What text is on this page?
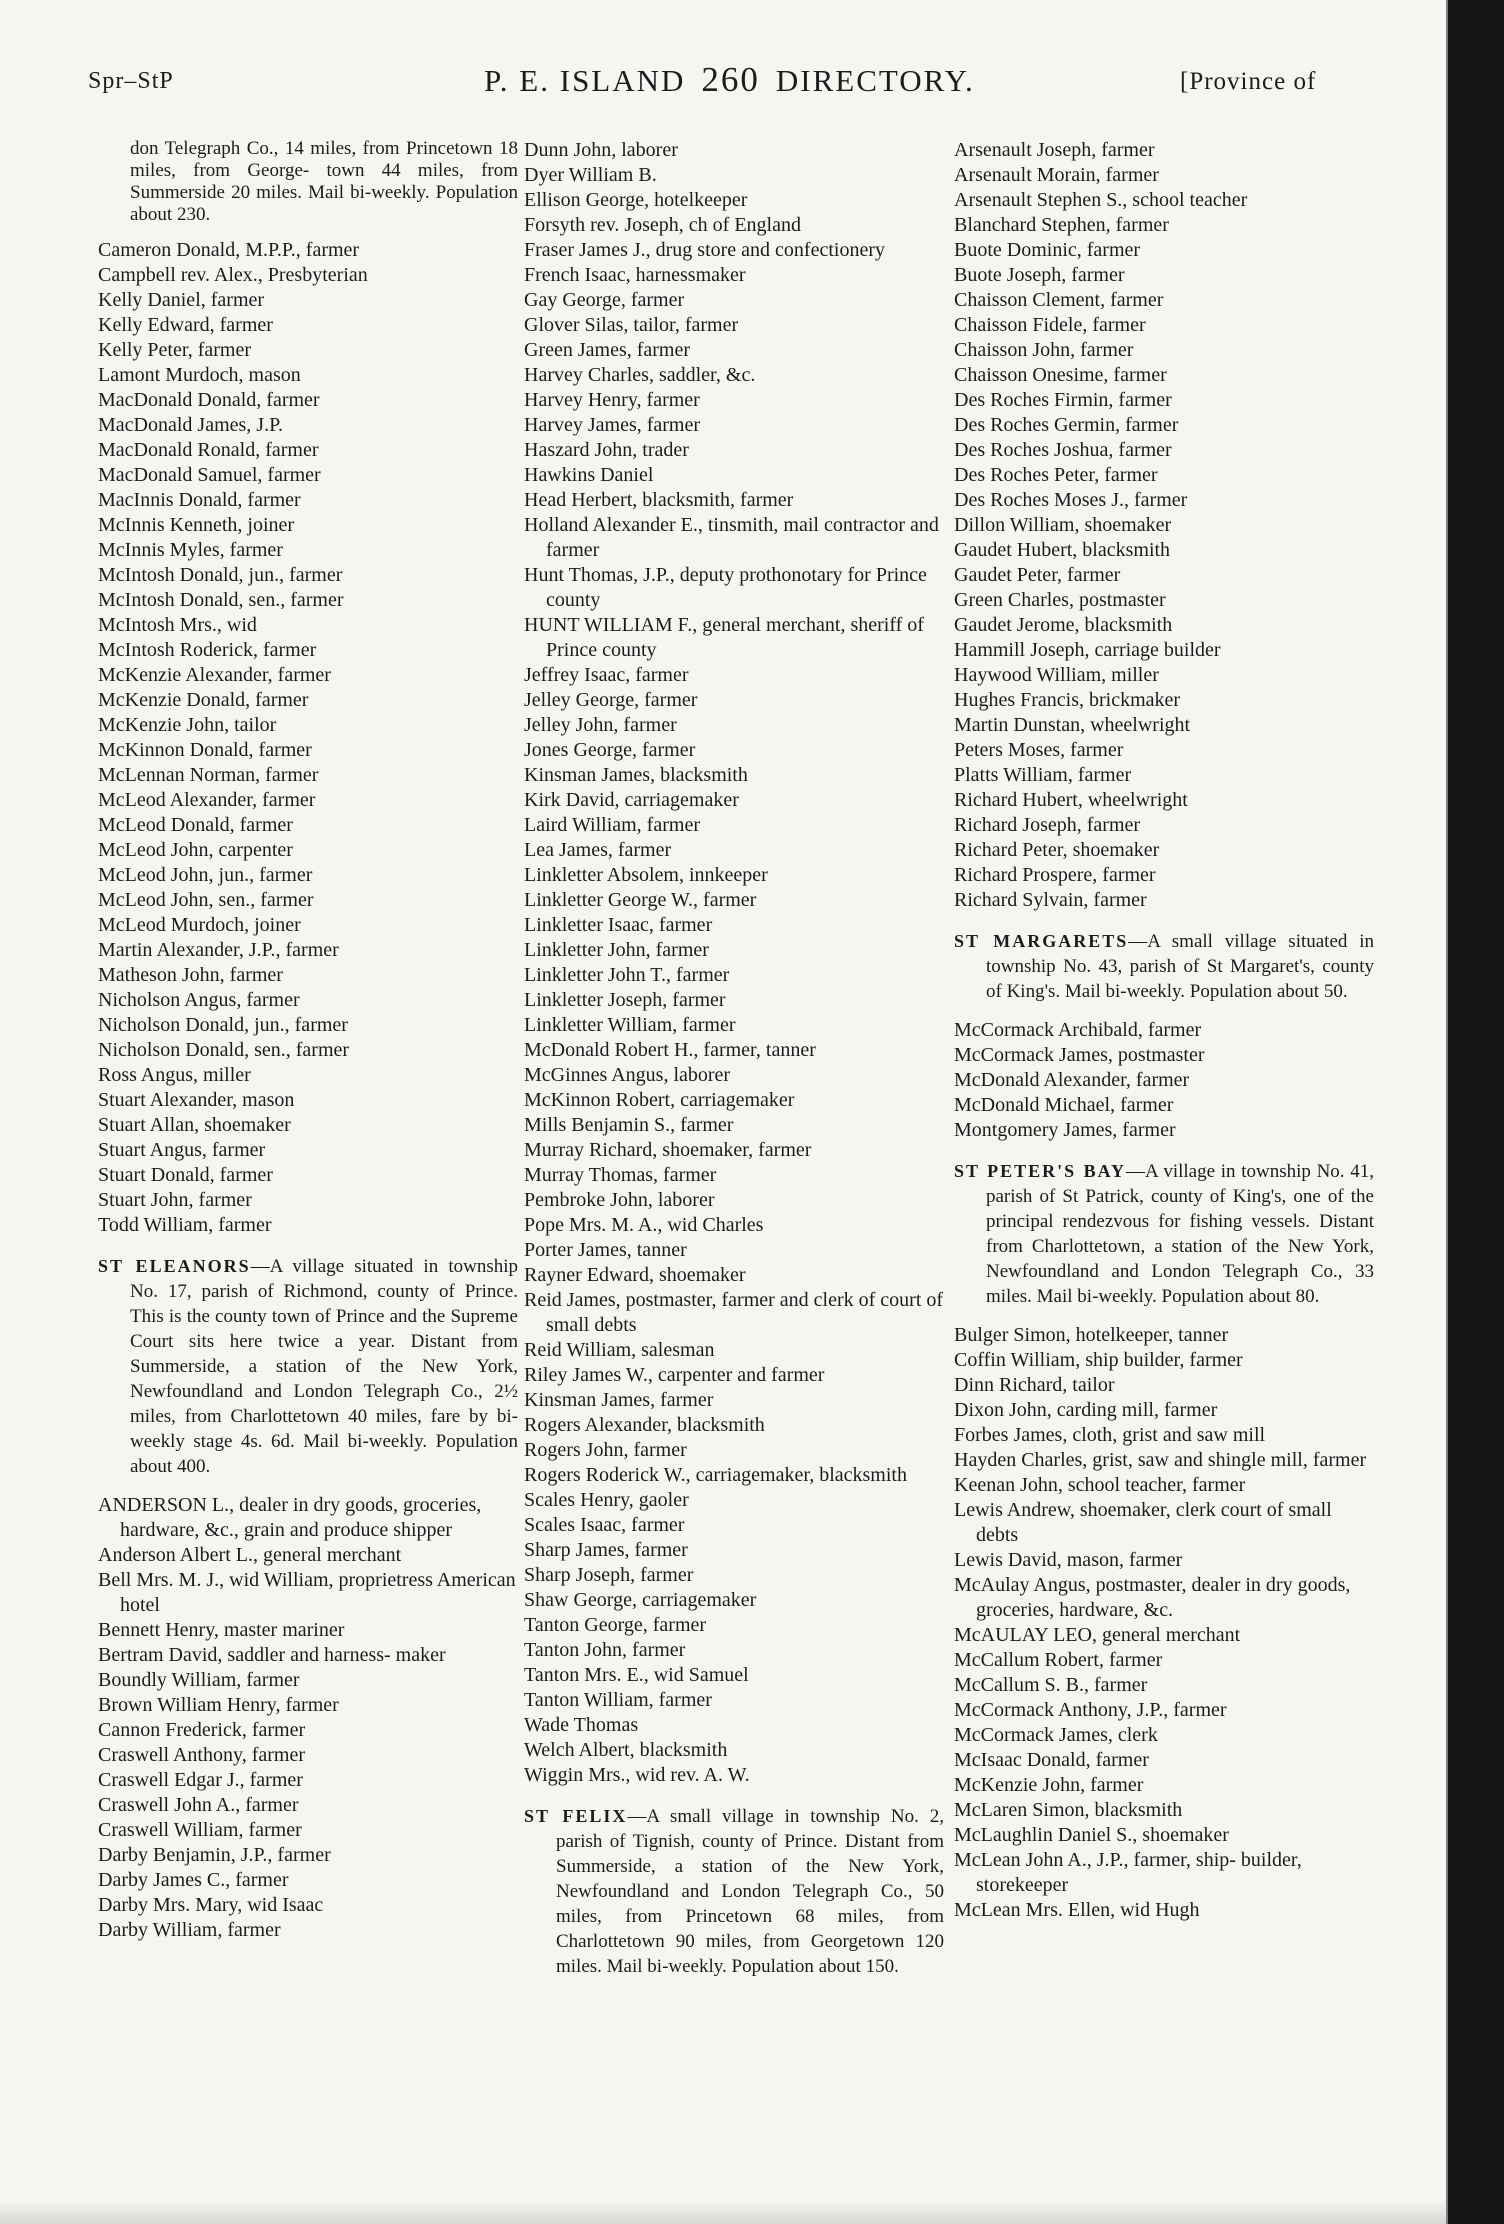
Spr–StP	P. E. ISLAND 260 DIRECTORY.	[Province of

don Telegraph Co., 14 miles, from Princetown 18 miles, from George- town 44 miles, from Summerside 20 miles. Mail bi-weekly. Population about 230.

Cameron Donald, M.P.P., farmer

Campbell rev. Alex., Presbyterian

Kelly Daniel, farmer

Kelly Edward, farmer

Kelly Peter, farmer

Lamont Murdoch, mason

MacDonald Donald, farmer

MacDonald James, J.P.

MacDonald Ronald, farmer

MacDonald Samuel, farmer

MacInnis Donald, farmer

McInnis Kenneth, joiner

McInnis Myles, farmer

McIntosh Donald, jun., farmer

McIntosh Donald, sen., farmer

McIntosh Mrs., wid

McIntosh Roderick, farmer

McKenzie Alexander, farmer

McKenzie Donald, farmer

McKenzie John, tailor

McKinnon Donald, farmer

McLennan Norman, farmer

McLeod Alexander, farmer

McLeod Donald, farmer

McLeod John, carpenter

McLeod John, jun., farmer

McLeod John, sen., farmer

McLeod Murdoch, joiner

Martin Alexander, J.P., farmer

Matheson John, farmer

Nicholson Angus, farmer

Nicholson Donald, jun., farmer

Nicholson Donald, sen., farmer

Ross Angus, miller

Stuart Alexander, mason

Stuart Allan, shoemaker

Stuart Angus, farmer

Stuart Donald, farmer

Stuart John, farmer

Todd William, farmer

ST ELEANORS—A village situated in township No. 17, parish of Richmond, county of Prince. This is the county town of Prince and the Supreme Court sits here twice a year. Distant from Summerside, a station of the New York, Newfoundland and London Telegraph Co., 2½ miles, from Charlottetown 40 miles, fare by bi-weekly stage 4s. 6d. Mail bi-weekly. Population about 400.

ANDERSON L., dealer in dry goods, groceries, hardware, &c., grain and produce shipper

Anderson Albert L., general merchant

Bell Mrs. M. J., wid William, proprietress American hotel

Bennett Henry, master mariner

Bertram David, saddler and harness- maker

Boundly William, farmer

Brown William Henry, farmer

Cannon Frederick, farmer

Craswell Anthony, farmer

Craswell Edgar J., farmer

Craswell John A., farmer

Craswell William, farmer

Darby Benjamin, J.P., farmer

Darby James C., farmer

Darby Mrs. Mary, wid Isaac

Darby William, farmer

Dunn John, laborer

Dyer William B.

Ellison George, hotelkeeper

Forsyth rev. Joseph, ch of England

Fraser James J., drug store and confectionery

French Isaac, harnessmaker

Gay George, farmer

Glover Silas, tailor, farmer

Green James, farmer

Harvey Charles, saddler, &c.

Harvey Henry, farmer

Harvey James, farmer

Haszard John, trader

Hawkins Daniel

Head Herbert, blacksmith, farmer

Holland Alexander E., tinsmith, mail contractor and farmer

Hunt Thomas, J.P., deputy prothonotary for Prince county

HUNT WILLIAM F., general merchant, sheriff of Prince county

Jeffrey Isaac, farmer

Jelley George, farmer

Jelley John, farmer

Jones George, farmer

Kinsman James, blacksmith

Kirk David, carriagemaker

Laird William, farmer

Lea James, farmer

Linkletter Absolem, innkeeper

Linkletter George W., farmer

Linkletter Isaac, farmer

Linkletter John, farmer

Linkletter John T., farmer

Linkletter Joseph, farmer

Linkletter William, farmer

McDonald Robert H., farmer, tanner

McGinnes Angus, laborer

McKinnon Robert, carriagemaker

Mills Benjamin S., farmer

Murray Richard, shoemaker, farmer

Murray Thomas, farmer

Pembroke John, laborer

Pope Mrs. M. A., wid Charles

Porter James, tanner

Rayner Edward, shoemaker

Reid James, postmaster, farmer and clerk of court of small debts

Reid William, salesman

Riley James W., carpenter and farmer

Kinsman James, farmer

Rogers Alexander, blacksmith

Rogers John, farmer

Rogers Roderick W., carriagemaker, blacksmith

Scales Henry, gaoler

Scales Isaac, farmer

Sharp James, farmer

Sharp Joseph, farmer

Shaw George, carriagemaker

Tanton George, farmer

Tanton John, farmer

Tanton Mrs. E., wid Samuel

Tanton William, farmer

Wade Thomas

Welch Albert, blacksmith

Wiggin Mrs., wid rev. A. W.

ST FELIX—A small village in township No. 2, parish of Tignish, county of Prince. Distant from Summerside, a station of the New York, Newfoundland and London Telegraph Co., 50 miles, from Princetown 68 miles, from Charlottetown 90 miles, from Georgetown 120 miles. Mail bi-weekly. Population about 150.

Arsenault Joseph, farmer

Arsenault Morain, farmer

Arsenault Stephen S., school teacher

Blanchard Stephen, farmer

Buote Dominic, farmer

Buote Joseph, farmer

Chaisson Clement, farmer

Chaisson Fidele, farmer

Chaisson John, farmer

Chaisson Onesime, farmer

Des Roches Firmin, farmer

Des Roches Germin, farmer

Des Roches Joshua, farmer

Des Roches Peter, farmer

Des Roches Moses J., farmer

Dillon William, shoemaker

Gaudet Hubert, blacksmith

Gaudet Peter, farmer

Green Charles, postmaster

Gaudet Jerome, blacksmith

Hammill Joseph, carriage builder

Haywood William, miller

Hughes Francis, brickmaker

Martin Dunstan, wheelwright

Peters Moses, farmer

Platts William, farmer

Richard Hubert, wheelwright

Richard Joseph, farmer

Richard Peter, shoemaker

Richard Prospere, farmer

Richard Sylvain, farmer

ST MARGARETS—A small village situated in township No. 43, parish of St Margaret's, county of King's. Mail bi-weekly. Population about 50.

McCormack Archibald, farmer

McCormack James, postmaster

McDonald Alexander, farmer

McDonald Michael, farmer

Montgomery James, farmer

ST PETER'S BAY—A village in township No. 41, parish of St Patrick, county of King's, one of the principal rendezvous for fishing vessels. Distant from Charlottetown, a station of the New York, Newfoundland and London Telegraph Co., 33 miles. Mail bi-weekly. Population about 80.

Bulger Simon, hotelkeeper, tanner

Coffin William, ship builder, farmer

Dinn Richard, tailor

Dixon John, carding mill, farmer

Forbes James, cloth, grist and saw mill

Hayden Charles, grist, saw and shingle mill, farmer

Keenan John, school teacher, farmer

Lewis Andrew, shoemaker, clerk court of small debts

Lewis David, mason, farmer

McAulay Angus, postmaster, dealer in dry goods, groceries, hardware, &c.

McAULAY LEO, general merchant

McCallum Robert, farmer

McCallum S. B., farmer

McCormack Anthony, J.P., farmer

McCormack James, clerk

McIsaac Donald, farmer

McKenzie John, farmer

McLaren Simon, blacksmith

McLaughlin Daniel S., shoemaker

McLean John A., J.P., farmer, ship- builder, storekeeper

McLean Mrs. Ellen, wid Hugh
